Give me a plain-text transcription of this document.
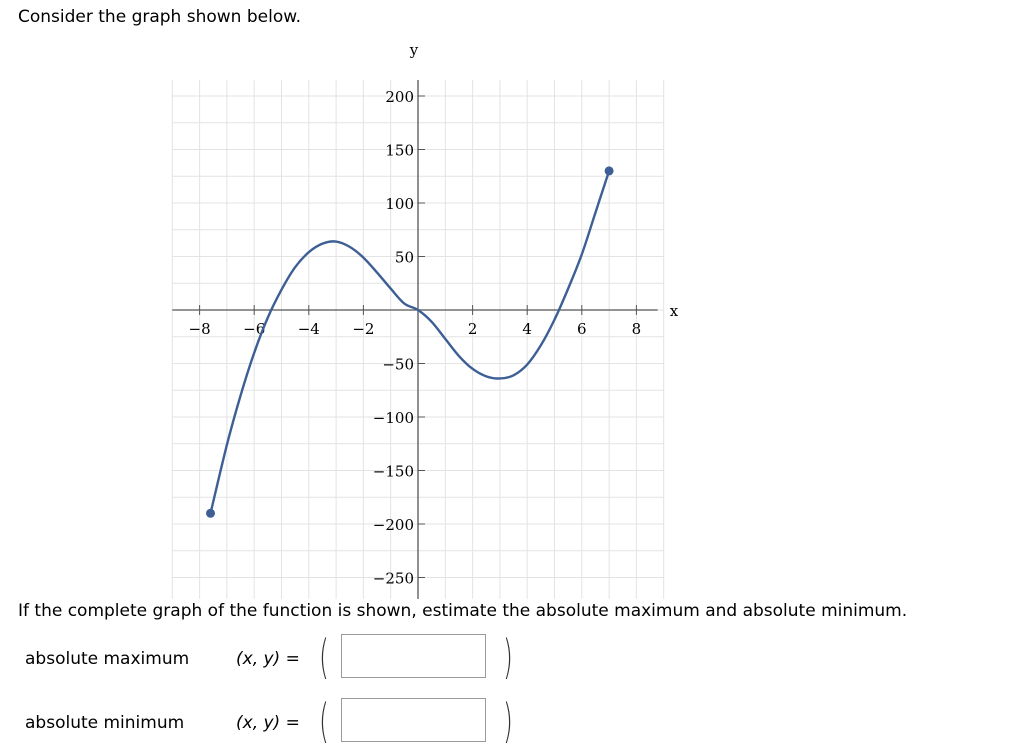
Consider the graph shown below.
x
y
−8 −6 −4 −2	2	4	6	8
200
150
100
50
−50
−100
−150
−200
−250
If the complete graph of the function is shown, estimate the absolute maximum and absolute minimum.
absolute maximum	(x, y) = (	)
absolute minimum	(x, y) = (	)
